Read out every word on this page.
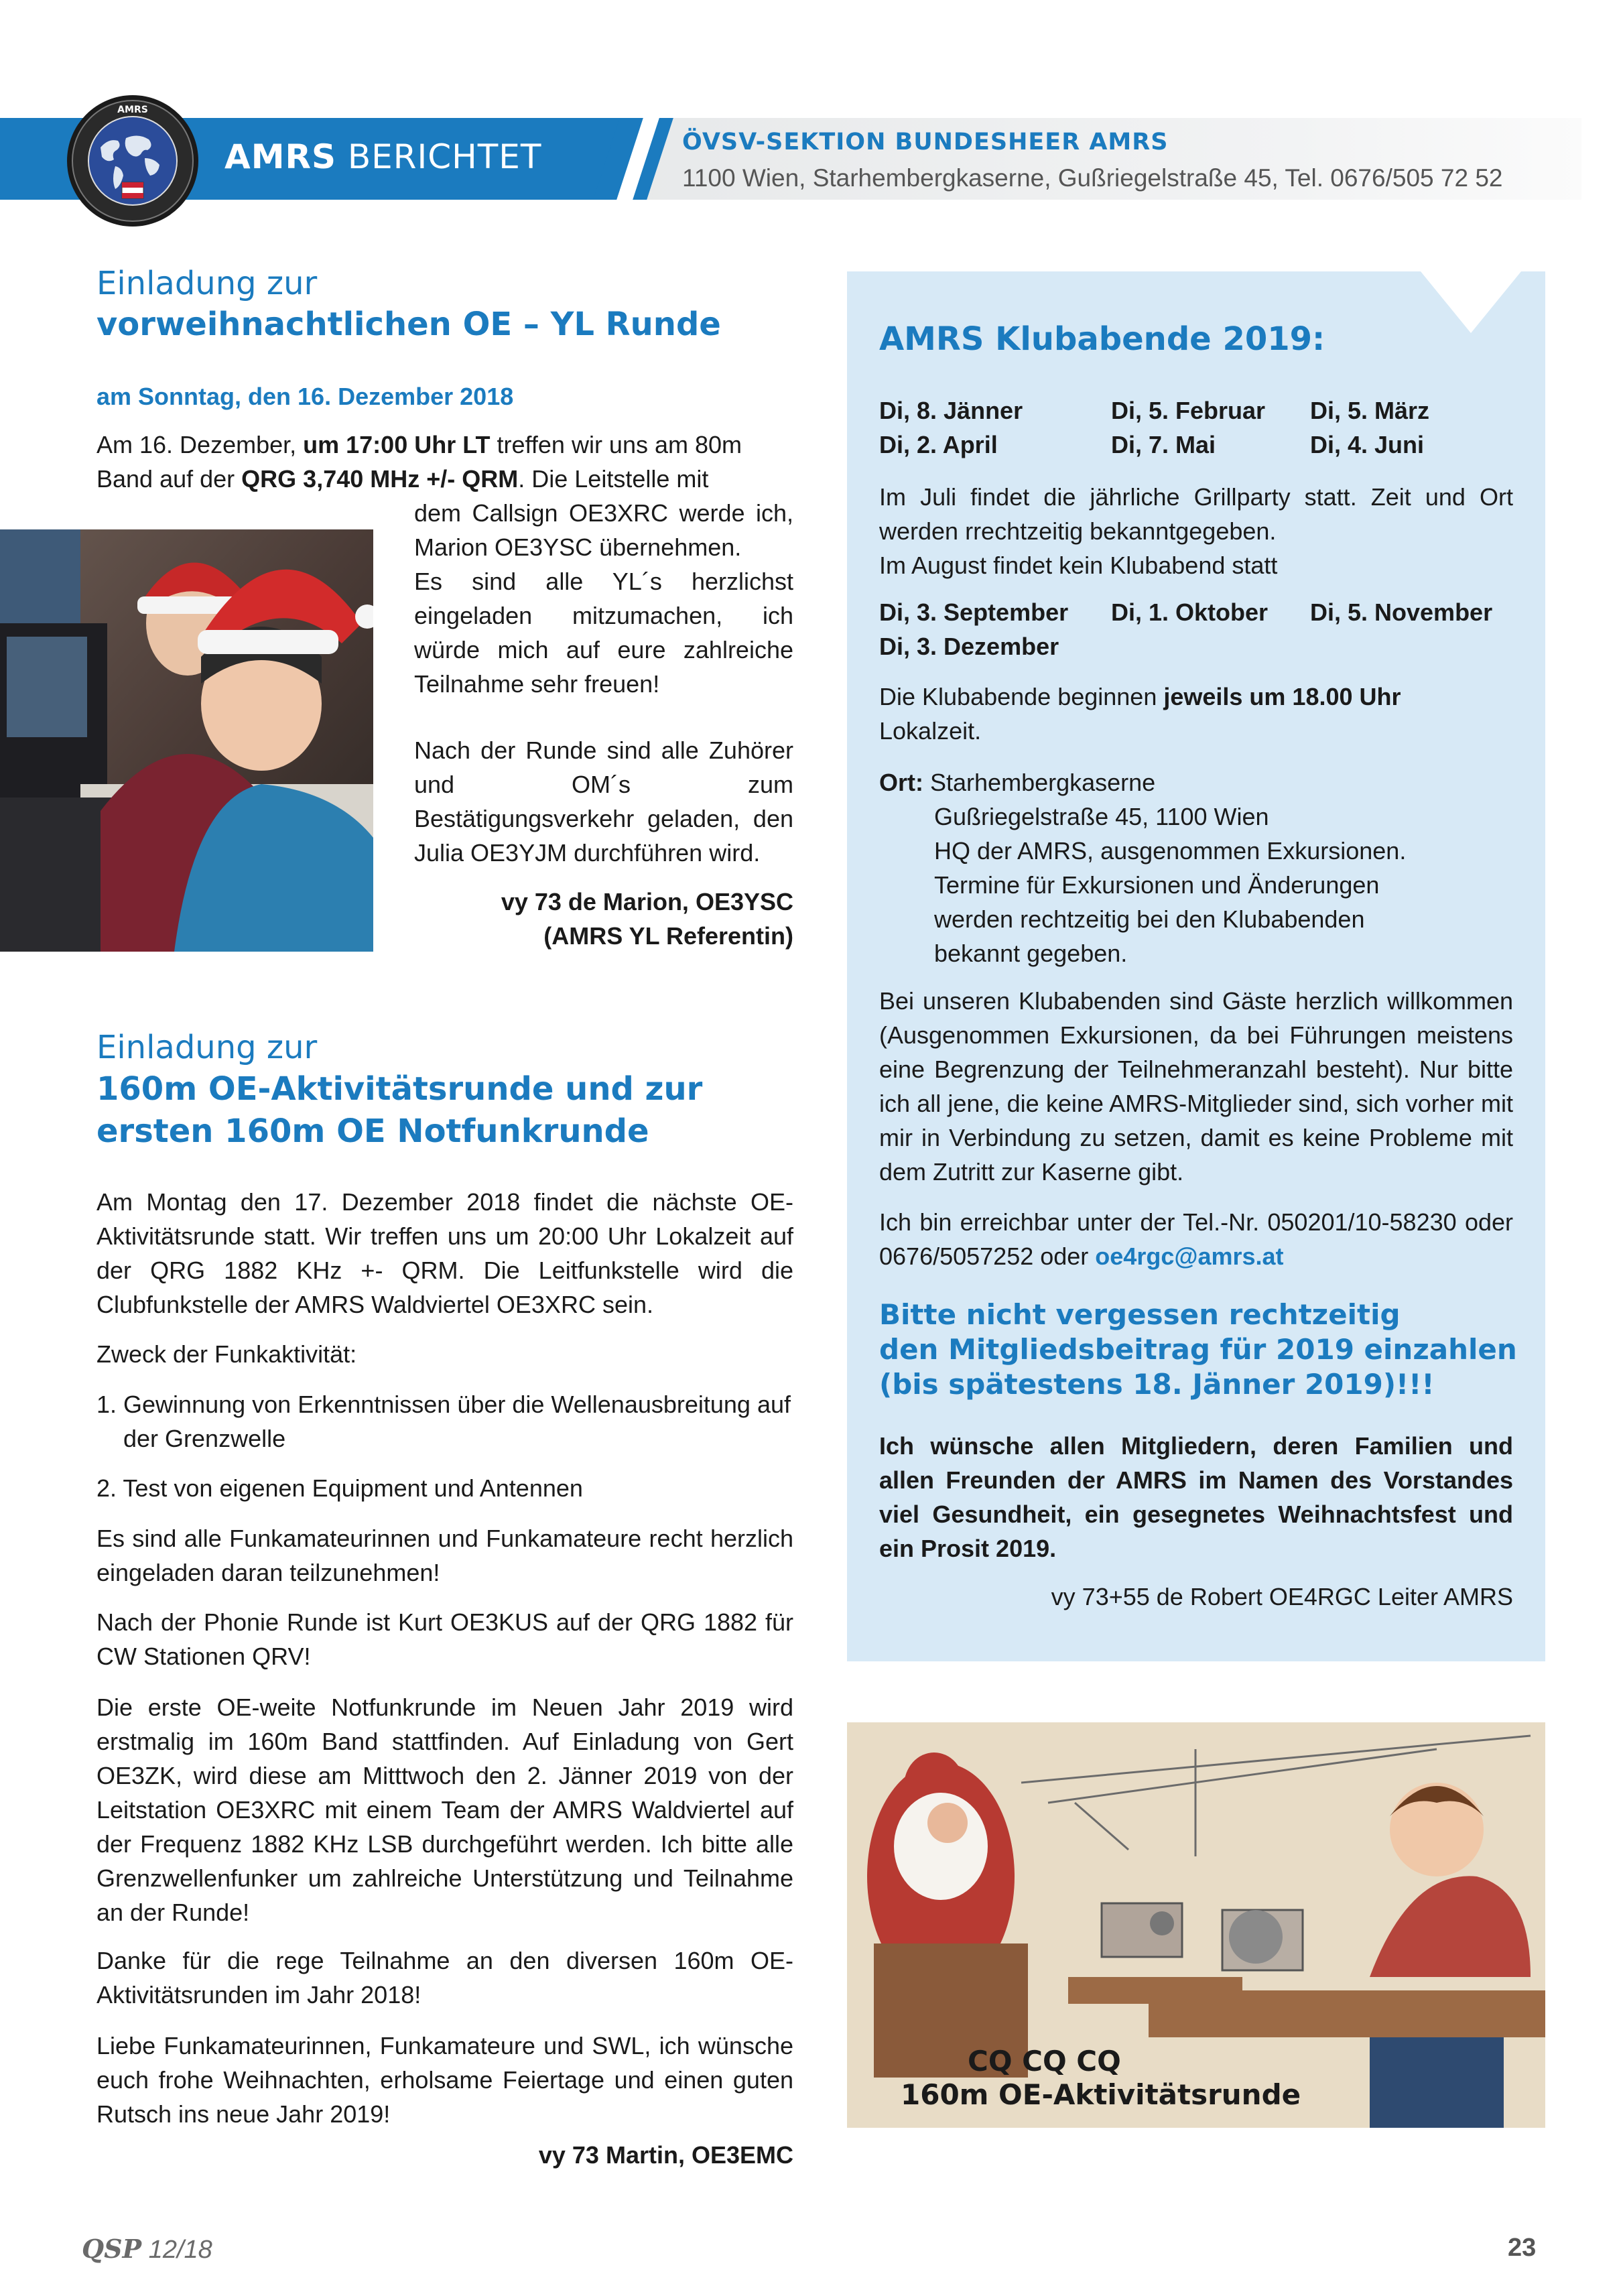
AMRS
AMRS BERICHTET	ÖVSV-SEKTION BUNDESHEER AMRS
1100 Wien, Starhembergkaserne, Gußriegelstraße 45, Tel. 0676/505 72 52
Einladung zur
vorweihnachtlichen OE – YL Runde
am Sonntag, den 16. Dezember 2018
Am 16. Dezember, um 17:00 Uhr LT treffen wir uns am 80m
Band auf der QRG 3,740 MHz +/- QRM. Die Leitstelle mit
dem Callsign OE3XRC werde ich, Marion OE3YSC übernehmen.
Es sind alle YL´s herzlichst eingeladen mitzumachen, ich würde mich auf eure zahlreiche Teilnahme sehr freuen!
Nach der Runde sind alle Zuhörer und OM´s zum Bestätigungsverkehr geladen, den Julia OE3YJM durchführen wird.
vy 73 de Marion, OE3YSC
(AMRS YL Referentin)
Einladung zur
160m OE-Aktivitätsrunde und zur
ersten 160m OE Notfunkrunde
Am Montag den 17. Dezember 2018 findet die nächste OE-Aktivitätsrunde statt. Wir treffen uns um 20:00 Uhr Lokalzeit auf der QRG 1882 KHz +- QRM. Die Leitfunkstelle wird die Clubfunkstelle der AMRS Waldviertel OE3XRC sein.
Zweck der Funkaktivität:
1. Gewinnung von Erkenntnissen über die Wellenausbreitung auf der Grenzwelle
2. Test von eigenen Equipment und Antennen
Es sind alle Funkamateurinnen und Funkamateure recht herzlich eingeladen daran teilzunehmen!
Nach der Phonie Runde ist Kurt OE3KUS auf der QRG 1882 für CW Stationen QRV!
Die erste OE-weite Notfunkrunde im Neuen Jahr 2019 wird erstmalig im 160m Band stattfinden. Auf Einladung von Gert OE3ZK, wird diese am Mitttwoch den 2. Jänner 2019 von der Leitstation OE3XRC mit einem Team der AMRS Waldviertel auf der Frequenz 1882 KHz LSB durchgeführt werden. Ich bitte alle Grenzwellenfunker um zahlreiche Unterstützung und Teilnahme an der Runde!
Danke für die rege Teilnahme an den diversen 160m OE-Aktivitätsrunden im Jahr 2018!
Liebe Funkamateurinnen, Funkamateure und SWL, ich wünsche euch frohe Weihnachten, erholsame Feiertage und einen guten Rutsch ins neue Jahr 2019!
vy 73 Martin, OE3EMC
AMRS Klubabende 2019:
Di, 8. Jänner	Di, 5. Februar Di, 5. März
Di, 2. April	Di, 7. Mai	Di, 4. Juni
Im Juli findet die jährliche Grillparty statt. Zeit und Ort werden rrechtzeitig bekanntgegeben.
Im August findet kein Klubabend statt
Di, 3. September Di, 1. Oktober Di, 5. November
Di, 3. Dezember
Die Klubabende beginnen jeweils um 18.00 Uhr
Lokalzeit.
Ort: Starhembergkaserne
Gußriegelstraße 45, 1100 Wien
HQ der AMRS, ausgenommen Exkursionen.
Termine für Exkursionen und Änderungen
werden rechtzeitig bei den Klubabenden
bekannt gegeben.
Bei unseren Klubabenden sind Gäste herzlich willkommen (Ausgenommen Exkursionen, da bei Führungen meistens eine Begrenzung der Teilnehmeranzahl besteht). Nur bitte ich all jene, die keine AMRS-Mitglieder sind, sich vorher mit mir in Verbindung zu setzen, damit es keine Probleme mit dem Zutritt zur Kaserne gibt.
Ich bin erreichbar unter der Tel.-Nr. 050201/10-58230 oder 0676/5057252 oder oe4rgc@amrs.at
Bitte nicht vergessen rechtzeitig
den Mitgliedsbeitrag für 2019 einzahlen
(bis spätestens 18. Jänner 2019)!!!
Ich wünsche allen Mitgliedern, deren Familien und allen Freunden der AMRS im Namen des Vorstandes viel Gesundheit, ein gesegnetes Weihnachtsfest und ein Prosit 2019.
vy 73+55 de Robert OE4RGC Leiter AMRS
CQ CQ CQ
160m OE-Aktivitätsrunde
QSP 12/18	23
